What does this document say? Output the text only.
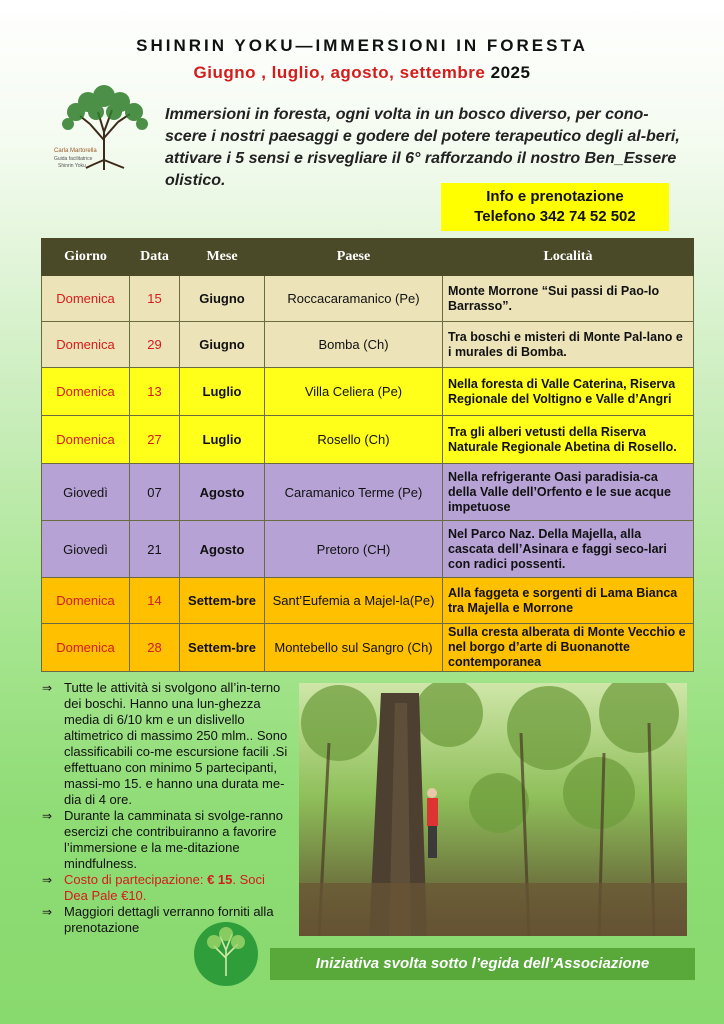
SHINRIN YOKU—IMMERSIONI IN FORESTA
Giugno , luglio, agosto, settembre 2025
Carla Martorella
Guida facilitatrice
Shinrin Yoku
Immersioni in foresta, ogni volta in un bosco diverso, per cono-scere i nostri paesaggi e godere del potere terapeutico degli al-beri, attivare i 5 sensi e risvegliare il 6° rafforzando il nostro Ben_Essere olistico.
Info e prenotazione
Telefono 342 74 52 502
Giorno	Data	Mese	Paese	Località
Domenica	15	Giugno	Roccacaramanico (Pe)	Monte Morrone “Sui passi di Pao-lo Barrasso”.
Domenica	29	Giugno	Bomba (Ch)	Tra boschi e misteri di Monte Pal-lano e i murales di Bomba.
Domenica	13	Luglio	Villa Celiera (Pe)	Nella foresta di Valle Caterina, Riserva Regionale del Voltigno e Valle d’Angri
Domenica	27	Luglio	Rosello (Ch)	Tra gli alberi vetusti della Riserva Naturale Regionale Abetina di Rosello.
Giovedì	07	Agosto	Caramanico Terme (Pe)	Nella refrigerante Oasi paradisia-ca della Valle dell’Orfento e le sue acque impetuose
Giovedì	21	Agosto	Pretoro (CH)	Nel Parco Naz. Della Majella, alla cascata dell’Asinara e faggi seco-lari con radici possenti.
Domenica	14	Settem-bre	Sant’Eufemia a Majel-la(Pe)	Alla faggeta e sorgenti di Lama Bianca tra Majella e Morrone
Domenica	28	Settem-bre	Montebello sul Sangro (Ch)	Sulla cresta alberata di Monte Vecchio e nel borgo d’arte di Buonanotte contemporanea
⇒ Tutte le attività si svolgono all’in-terno dei boschi. Hanno una lun-ghezza media di 6/10 km e un dislivello altimetrico di massimo 250 mlm.. Sono classificabili co-me escursione facili .Si effettuano con minimo 5 partecipanti, massi-mo 15. e hanno una durata me-dia di 4 ore.
⇒ Durante la camminata si svolge-ranno esercizi che contribuiranno a favorire l’immersione e la me-ditazione mindfulness.
⇒ Costo di partecipazione: € 15. Soci Dea Pale €10.
⇒ Maggiori dettagli verranno forniti alla prenotazione
Iniziativa svolta sotto l’egida dell’Associazione
